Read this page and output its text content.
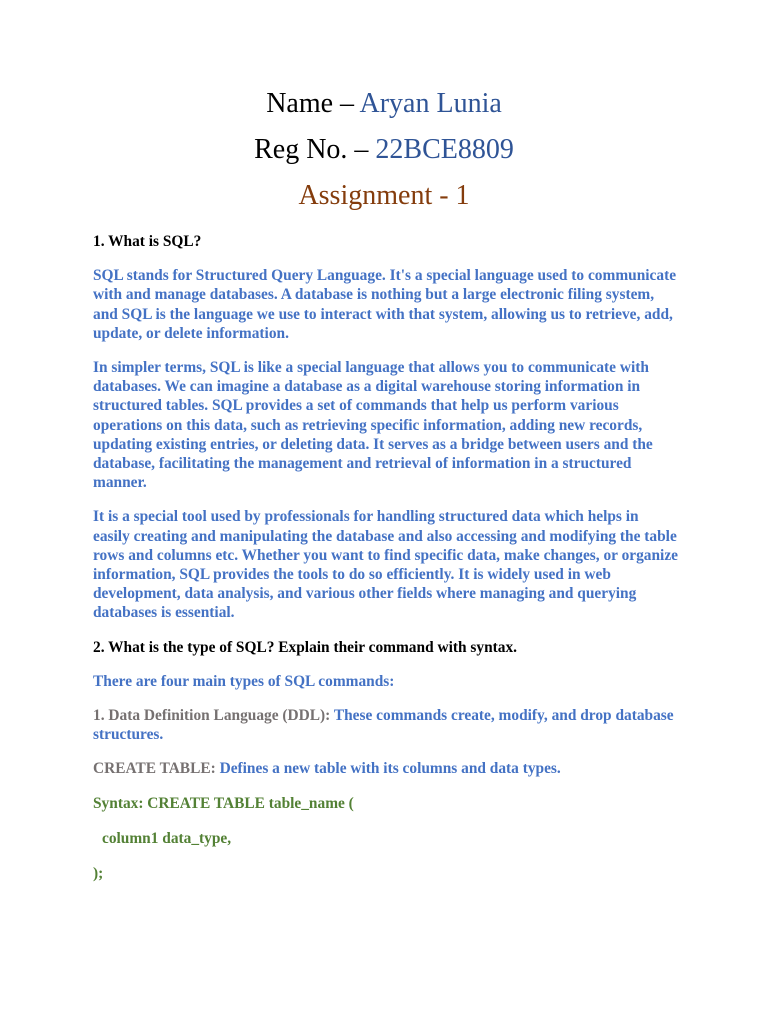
Name – Aryan Lunia
Reg No. – 22BCE8809
Assignment - 1

1. What is SQL?

SQL stands for Structured Query Language. It's a special language used to communicate with and manage databases. A database is nothing but a large electronic filing system, and SQL is the language we use to interact with that system, allowing us to retrieve, add, update, or delete information.

In simpler terms, SQL is like a special language that allows you to communicate with databases. We can imagine a database as a digital warehouse storing information in structured tables. SQL provides a set of commands that help us perform various operations on this data, such as retrieving specific information, adding new records, updating existing entries, or deleting data. It serves as a bridge between users and the database, facilitating the management and retrieval of information in a structured manner.

It is a special tool used by professionals for handling structured data which helps in easily creating and manipulating the database and also accessing and modifying the table rows and columns etc. Whether you want to find specific data, make changes, or organize information, SQL provides the tools to do so efficiently. It is widely used in web development, data analysis, and various other fields where managing and querying databases is essential.

2. What is the type of SQL? Explain their command with syntax.

There are four main types of SQL commands:

1. Data Definition Language (DDL): These commands create, modify, and drop database structures.

CREATE TABLE: Defines a new table with its columns and data types.

Syntax: CREATE TABLE table_name (

column1 data_type,

);
